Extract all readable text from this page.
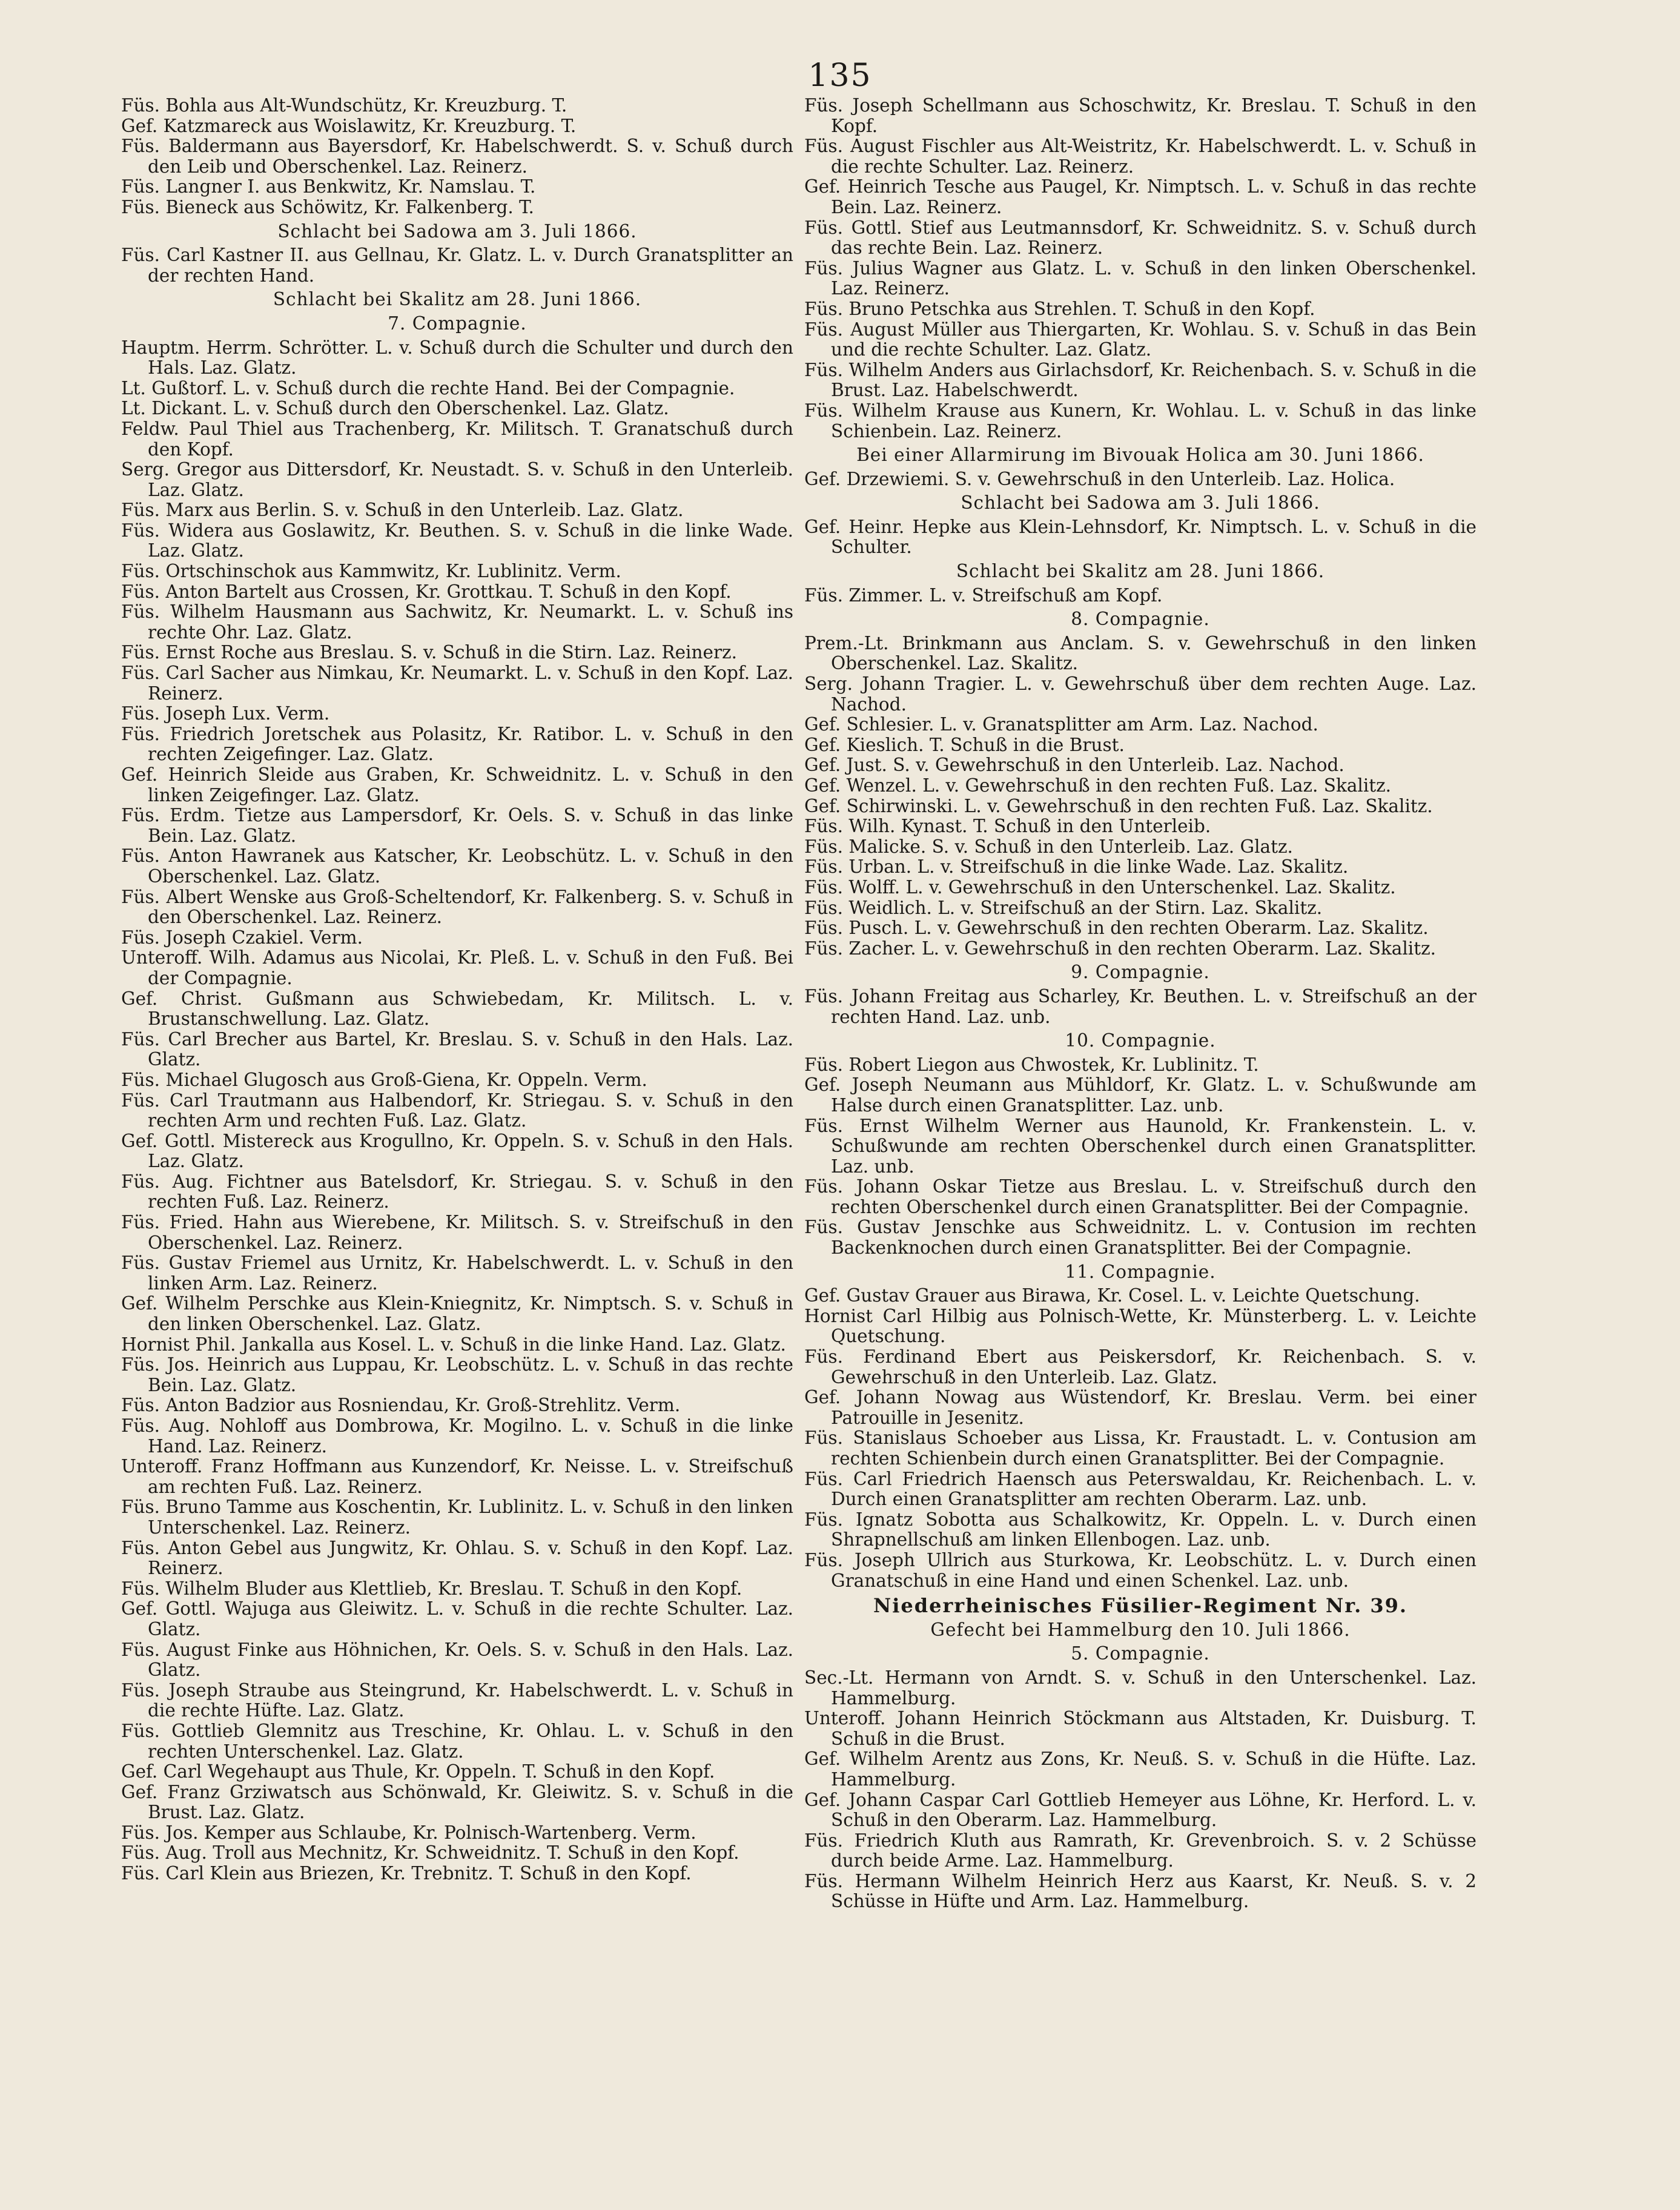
135

Füs. Bohla aus Alt-Wundschütz, Kr. Kreuzburg. T.

Gef. Katzmareck aus Woislawitz, Kr. Kreuzburg. T.

Füs. Baldermann aus Bayersdorf, Kr. Habelschwerdt. S. v. Schuß durch den Leib und Oberschenkel. Laz. Reinerz.

Füs. Langner I. aus Benkwitz, Kr. Namslau. T.

Füs. Bieneck aus Schöwitz, Kr. Falkenberg. T.

Schlacht bei Sadowa am 3. Juli 1866.

Füs. Carl Kastner II. aus Gellnau, Kr. Glatz. L. v. Durch Granatsplitter an der rechten Hand.

Schlacht bei Skalitz am 28. Juni 1866.

7. Compagnie.

Hauptm. Herrm. Schrötter. L. v. Schuß durch die Schulter und durch den Hals. Laz. Glatz.

Lt. Gußtorf. L. v. Schuß durch die rechte Hand. Bei der Compagnie.

Lt. Dickant. L. v. Schuß durch den Oberschenkel. Laz. Glatz.

Feldw. Paul Thiel aus Trachenberg, Kr. Militsch. T. Granatschuß durch den Kopf.

Serg. Gregor aus Dittersdorf, Kr. Neustadt. S. v. Schuß in den Unterleib. Laz. Glatz.

Füs. Marx aus Berlin. S. v. Schuß in den Unterleib. Laz. Glatz.

Füs. Widera aus Goslawitz, Kr. Beuthen. S. v. Schuß in die linke Wade. Laz. Glatz.

Füs. Ortschinschok aus Kammwitz, Kr. Lublinitz. Verm.

Füs. Anton Bartelt aus Crossen, Kr. Grottkau. T. Schuß in den Kopf.

Füs. Wilhelm Hausmann aus Sachwitz, Kr. Neumarkt. L. v. Schuß ins rechte Ohr. Laz. Glatz.

Füs. Ernst Roche aus Breslau. S. v. Schuß in die Stirn. Laz. Reinerz.

Füs. Carl Sacher aus Nimkau, Kr. Neumarkt. L. v. Schuß in den Kopf. Laz. Reinerz.

Füs. Joseph Lux. Verm.

Füs. Friedrich Joretschek aus Polasitz, Kr. Ratibor. L. v. Schuß in den rechten Zeigefinger. Laz. Glatz.

Gef. Heinrich Sleide aus Graben, Kr. Schweidnitz. L. v. Schuß in den linken Zeigefinger. Laz. Glatz.

Füs. Erdm. Tietze aus Lampersdorf, Kr. Oels. S. v. Schuß in das linke Bein. Laz. Glatz.

Füs. Anton Hawranek aus Katscher, Kr. Leobschütz. L. v. Schuß in den Oberschenkel. Laz. Glatz.

Füs. Albert Wenske aus Groß-Scheltendorf, Kr. Falkenberg. S. v. Schuß in den Oberschenkel. Laz. Reinerz.

Füs. Joseph Czakiel. Verm.

Unteroff. Wilh. Adamus aus Nicolai, Kr. Pleß. L. v. Schuß in den Fuß. Bei der Compagnie.

Gef. Christ. Gußmann aus Schwiebedam, Kr. Militsch. L. v. Brustanschwellung. Laz. Glatz.

Füs. Carl Brecher aus Bartel, Kr. Breslau. S. v. Schuß in den Hals. Laz. Glatz.

Füs. Michael Glugosch aus Groß-Giena, Kr. Oppeln. Verm.

Füs. Carl Trautmann aus Halbendorf, Kr. Striegau. S. v. Schuß in den rechten Arm und rechten Fuß. Laz. Glatz.

Gef. Gottl. Mistereck aus Krogullno, Kr. Oppeln. S. v. Schuß in den Hals. Laz. Glatz.

Füs. Aug. Fichtner aus Batelsdorf, Kr. Striegau. S. v. Schuß in den rechten Fuß. Laz. Reinerz.

Füs. Fried. Hahn aus Wierebene, Kr. Militsch. S. v. Streifschuß in den Oberschenkel. Laz. Reinerz.

Füs. Gustav Friemel aus Urnitz, Kr. Habelschwerdt. L. v. Schuß in den linken Arm. Laz. Reinerz.

Gef. Wilhelm Perschke aus Klein-Kniegnitz, Kr. Nimptsch. S. v. Schuß in den linken Oberschenkel. Laz. Glatz.

Hornist Phil. Jankalla aus Kosel. L. v. Schuß in die linke Hand. Laz. Glatz.

Füs. Jos. Heinrich aus Luppau, Kr. Leobschütz. L. v. Schuß in das rechte Bein. Laz. Glatz.

Füs. Anton Badzior aus Rosniendau, Kr. Groß-Strehlitz. Verm.

Füs. Aug. Nohloff aus Dombrowa, Kr. Mogilno. L. v. Schuß in die linke Hand. Laz. Reinerz.

Unteroff. Franz Hoffmann aus Kunzendorf, Kr. Neisse. L. v. Streifschuß am rechten Fuß. Laz. Reinerz.

Füs. Bruno Tamme aus Koschentin, Kr. Lublinitz. L. v. Schuß in den linken Unterschenkel. Laz. Reinerz.

Füs. Anton Gebel aus Jungwitz, Kr. Ohlau. S. v. Schuß in den Kopf. Laz. Reinerz.

Füs. Wilhelm Bluder aus Klettlieb, Kr. Breslau. T. Schuß in den Kopf.

Gef. Gottl. Wajuga aus Gleiwitz. L. v. Schuß in die rechte Schulter. Laz. Glatz.

Füs. August Finke aus Höhnichen, Kr. Oels. S. v. Schuß in den Hals. Laz. Glatz.

Füs. Joseph Straube aus Steingrund, Kr. Habelschwerdt. L. v. Schuß in die rechte Hüfte. Laz. Glatz.

Füs. Gottlieb Glemnitz aus Treschine, Kr. Ohlau. L. v. Schuß in den rechten Unterschenkel. Laz. Glatz.

Gef. Carl Wegehaupt aus Thule, Kr. Oppeln. T. Schuß in den Kopf.

Gef. Franz Grziwatsch aus Schönwald, Kr. Gleiwitz. S. v. Schuß in die Brust. Laz. Glatz.

Füs. Jos. Kemper aus Schlaube, Kr. Polnisch-Wartenberg. Verm.

Füs. Aug. Troll aus Mechnitz, Kr. Schweidnitz. T. Schuß in den Kopf.

Füs. Carl Klein aus Briezen, Kr. Trebnitz. T. Schuß in den Kopf.

Füs. Joseph Schellmann aus Schoschwitz, Kr. Breslau. T. Schuß in den Kopf.

Füs. August Fischler aus Alt-Weistritz, Kr. Habelschwerdt. L. v. Schuß in die rechte Schulter. Laz. Reinerz.

Gef. Heinrich Tesche aus Paugel, Kr. Nimptsch. L. v. Schuß in das rechte Bein. Laz. Reinerz.

Füs. Gottl. Stief aus Leutmannsdorf, Kr. Schweidnitz. S. v. Schuß durch das rechte Bein. Laz. Reinerz.

Füs. Julius Wagner aus Glatz. L. v. Schuß in den linken Oberschenkel. Laz. Reinerz.

Füs. Bruno Petschka aus Strehlen. T. Schuß in den Kopf.

Füs. August Müller aus Thiergarten, Kr. Wohlau. S. v. Schuß in das Bein und die rechte Schulter. Laz. Glatz.

Füs. Wilhelm Anders aus Girlachsdorf, Kr. Reichenbach. S. v. Schuß in die Brust. Laz. Habelschwerdt.

Füs. Wilhelm Krause aus Kunern, Kr. Wohlau. L. v. Schuß in das linke Schienbein. Laz. Reinerz.

Bei einer Allarmirung im Bivouak Holica am 30. Juni 1866.

Gef. Drzewiemi. S. v. Gewehrschuß in den Unterleib. Laz. Holica.

Schlacht bei Sadowa am 3. Juli 1866.

Gef. Heinr. Hepke aus Klein-Lehnsdorf, Kr. Nimptsch. L. v. Schuß in die Schulter.

Schlacht bei Skalitz am 28. Juni 1866.

Füs. Zimmer. L. v. Streifschuß am Kopf.

8. Compagnie.

Prem.-Lt. Brinkmann aus Anclam. S. v. Gewehrschuß in den linken Oberschenkel. Laz. Skalitz.

Serg. Johann Tragier. L. v. Gewehrschuß über dem rechten Auge. Laz. Nachod.

Gef. Schlesier. L. v. Granatsplitter am Arm. Laz. Nachod.

Gef. Kieslich. T. Schuß in die Brust.

Gef. Just. S. v. Gewehrschuß in den Unterleib. Laz. Nachod.

Gef. Wenzel. L. v. Gewehrschuß in den rechten Fuß. Laz. Skalitz.

Gef. Schirwinski. L. v. Gewehrschuß in den rechten Fuß. Laz. Skalitz.

Füs. Wilh. Kynast. T. Schuß in den Unterleib.

Füs. Malicke. S. v. Schuß in den Unterleib. Laz. Glatz.

Füs. Urban. L. v. Streifschuß in die linke Wade. Laz. Skalitz.

Füs. Wolff. L. v. Gewehrschuß in den Unterschenkel. Laz. Skalitz.

Füs. Weidlich. L. v. Streifschuß an der Stirn. Laz. Skalitz.

Füs. Pusch. L. v. Gewehrschuß in den rechten Oberarm. Laz. Skalitz.

Füs. Zacher. L. v. Gewehrschuß in den rechten Oberarm. Laz. Skalitz.

9. Compagnie.

Füs. Johann Freitag aus Scharley, Kr. Beuthen. L. v. Streifschuß an der rechten Hand. Laz. unb.

10. Compagnie.

Füs. Robert Liegon aus Chwostek, Kr. Lublinitz. T.

Gef. Joseph Neumann aus Mühldorf, Kr. Glatz. L. v. Schußwunde am Halse durch einen Granatsplitter. Laz. unb.

Füs. Ernst Wilhelm Werner aus Haunold, Kr. Frankenstein. L. v. Schußwunde am rechten Oberschenkel durch einen Granatsplitter. Laz. unb.

Füs. Johann Oskar Tietze aus Breslau. L. v. Streifschuß durch den rechten Oberschenkel durch einen Granatsplitter. Bei der Compagnie.

Füs. Gustav Jenschke aus Schweidnitz. L. v. Contusion im rechten Backenknochen durch einen Granatsplitter. Bei der Compagnie.

11. Compagnie.

Gef. Gustav Grauer aus Birawa, Kr. Cosel. L. v. Leichte Quetschung.

Hornist Carl Hilbig aus Polnisch-Wette, Kr. Münsterberg. L. v. Leichte Quetschung.

Füs. Ferdinand Ebert aus Peiskersdorf, Kr. Reichenbach. S. v. Gewehrschuß in den Unterleib. Laz. Glatz.

Gef. Johann Nowag aus Wüstendorf, Kr. Breslau. Verm. bei einer Patrouille in Jesenitz.

Füs. Stanislaus Schoeber aus Lissa, Kr. Fraustadt. L. v. Contusion am rechten Schienbein durch einen Granatsplitter. Bei der Compagnie.

Füs. Carl Friedrich Haensch aus Peterswaldau, Kr. Reichenbach. L. v. Durch einen Granatsplitter am rechten Oberarm. Laz. unb.

Füs. Ignatz Sobotta aus Schalkowitz, Kr. Oppeln. L. v. Durch einen Shrapnellschuß am linken Ellenbogen. Laz. unb.

Füs. Joseph Ullrich aus Sturkowa, Kr. Leobschütz. L. v. Durch einen Granatschuß in eine Hand und einen Schenkel. Laz. unb.

Niederrheinisches Füsilier-Regiment Nr. 39.

Gefecht bei Hammelburg den 10. Juli 1866.

5. Compagnie.

Sec.-Lt. Hermann von Arndt. S. v. Schuß in den Unterschenkel. Laz. Hammelburg.

Unteroff. Johann Heinrich Stöckmann aus Altstaden, Kr. Duisburg. T. Schuß in die Brust.

Gef. Wilhelm Arentz aus Zons, Kr. Neuß. S. v. Schuß in die Hüfte. Laz. Hammelburg.

Gef. Johann Caspar Carl Gottlieb Hemeyer aus Löhne, Kr. Herford. L. v. Schuß in den Oberarm. Laz. Hammelburg.

Füs. Friedrich Kluth aus Ramrath, Kr. Grevenbroich. S. v. 2 Schüsse durch beide Arme. Laz. Hammelburg.

Füs. Hermann Wilhelm Heinrich Herz aus Kaarst, Kr. Neuß. S. v. 2 Schüsse in Hüfte und Arm. Laz. Hammelburg.
